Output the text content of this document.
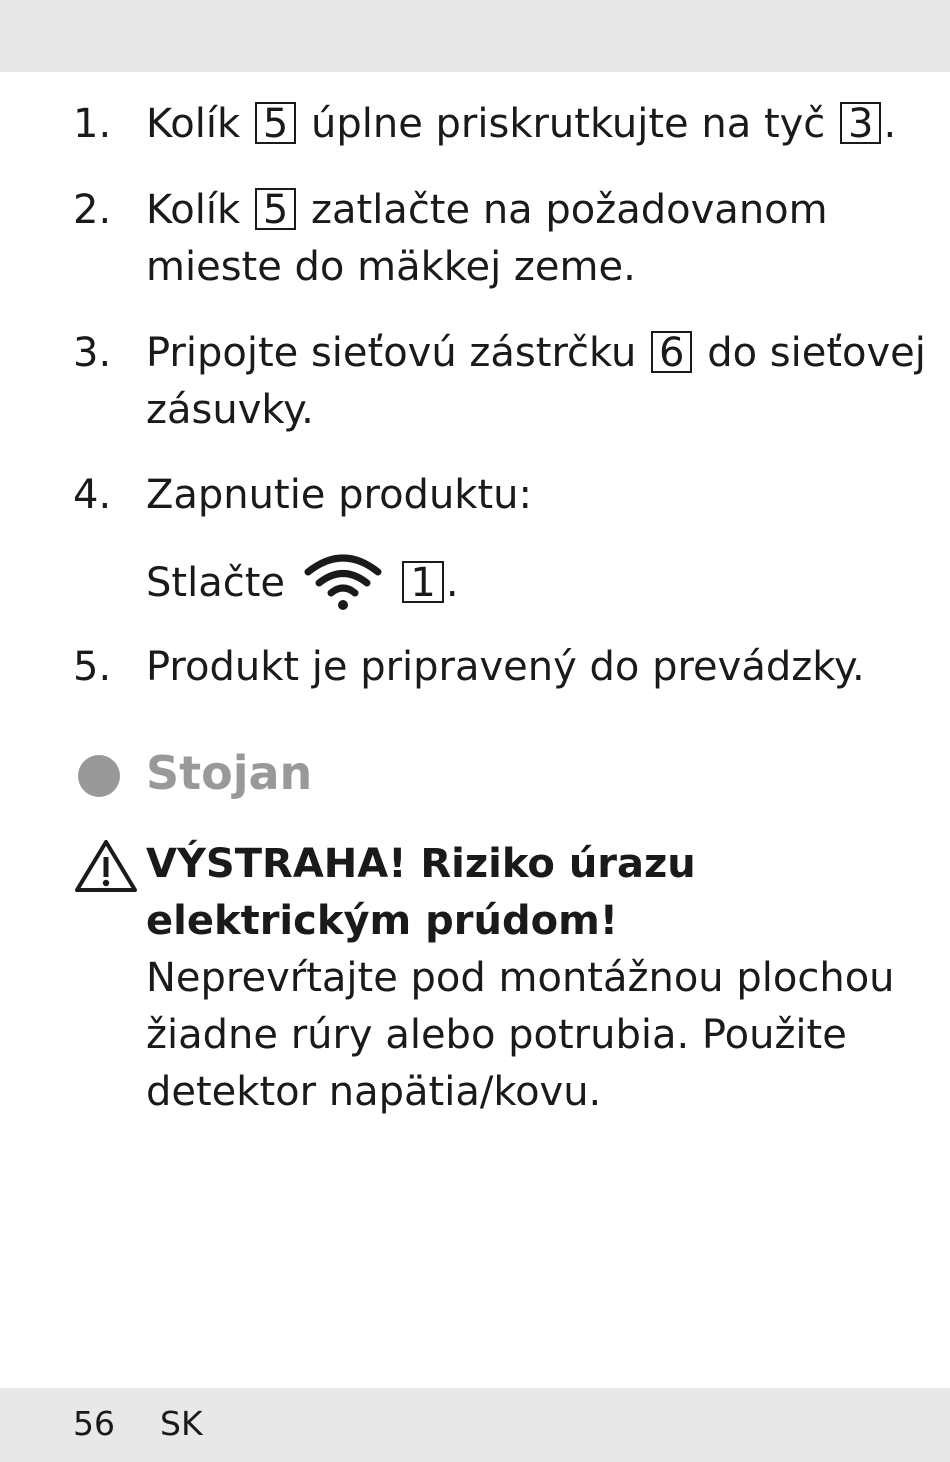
1. Kolík 5 úplne priskrutkujte na tyč 3 .
2. Kolík 5 zatlačte na požadovanom
mieste do mäkkej zeme.
3. Pripojte sieťovú zástrčku 6 do sieťovej
zásuvky.
4. Zapnutie produktu:
Stlačte	1 .
5. Produkt je pripravený do prevádzky.
Stojan
VÝSTRAHA! Riziko úrazu
elektrickým prúdom!
Neprevŕtajte pod montážnou plochou
žiadne rúry alebo potrubia. Použite
detektor napätia/kovu.
56 SK
